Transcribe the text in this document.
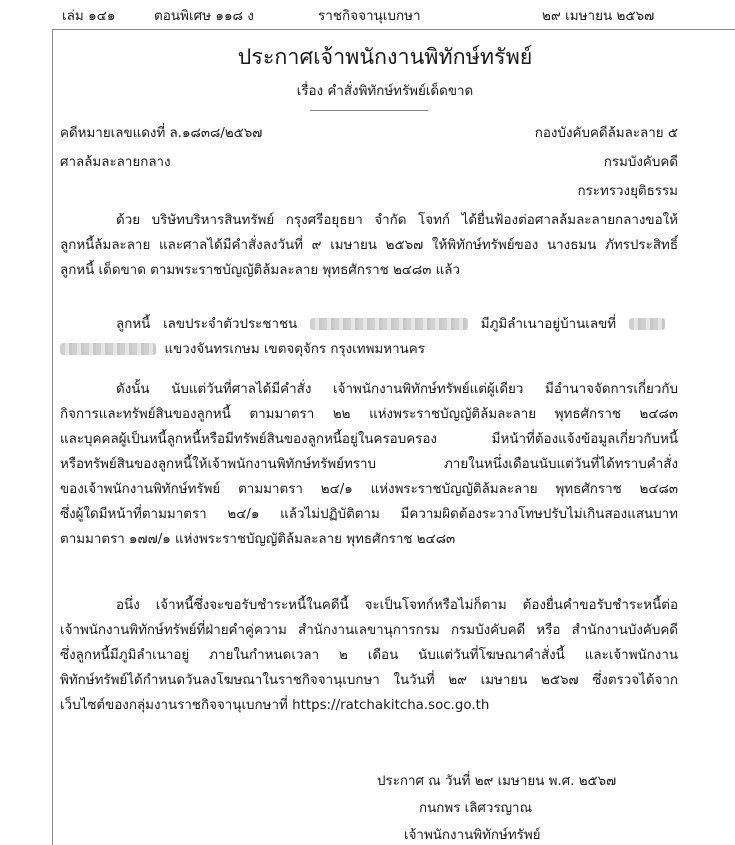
เล่ม ๑๔๑	ตอนพิเศษ ๑๑๘ ง	ราชกิจจานุเบกษา	๒๙ เมษายน ๒๕๖๗
ประกาศเจ้าพนักงานพิทักษ์ทรัพย์
เรื่อง คำสั่งพิทักษ์ทรัพย์เด็ดขาด
คดีหมายเลขแดงที่ ล.๑๘๓๘/๒๕๖๗
ศาลล้มละลายกลาง
กองบังคับคดีล้มละลาย ๕
กรมบังคับคดี
กระทรวงยุติธรรม
ด้วย บริษัทบริหารสินทรัพย์ กรุงศรีอยุธยา จำกัด โจทก์ ได้ยื่นฟ้องต่อศาลล้มละลายกลางขอให้
ลูกหนี้ล้มละลาย และศาลได้มีคำสั่งลงวันที่ ๙ เมษายน ๒๕๖๗ ให้พิทักษ์ทรัพย์ของ นางธมน ภัทรประสิทธิ์
ลูกหนี้ เด็ดขาด ตามพระราชบัญญัติล้มละลาย พุทธศักราช ๒๔๘๓ แล้ว
ลูกหนี้ เลขประจำตัวประชาชน	มีภูมิลำเนาอยู่บ้านเลขที่
แขวงจันทรเกษม เขตจตุจักร กรุงเทพมหานคร
ดังนั้น นับแต่วันที่ศาลได้มีคำสั่ง เจ้าพนักงานพิทักษ์ทรัพย์แต่ผู้เดียว มีอำนาจจัดการเกี่ยวกับ
กิจการและทรัพย์สินของลูกหนี้ ตามมาตรา ๒๒ แห่งพระราชบัญญัติล้มละลาย พุทธศักราช ๒๔๘๓
และบุคคลผู้เป็นหนี้ลูกหนี้หรือมีทรัพย์สินของลูกหนี้อยู่ในครอบครอง มีหน้าที่ต้องแจ้งข้อมูลเกี่ยวกับหนี้
หรือทรัพย์สินของลูกหนี้ให้เจ้าพนักงานพิทักษ์ทรัพย์ทราบ ภายในหนึ่งเดือนนับแต่วันที่ได้ทราบคำสั่ง
ของเจ้าพนักงานพิทักษ์ทรัพย์ ตามมาตรา ๒๔/๑ แห่งพระราชบัญญัติล้มละลาย พุทธศักราช ๒๔๘๓
ซึ่งผู้ใดมีหน้าที่ตามมาตรา ๒๔/๑ แล้วไม่ปฏิบัติตาม มีความผิดต้องระวางโทษปรับไม่เกินสองแสนบาท
ตามมาตรา ๑๗๗/๑ แห่งพระราชบัญญัติล้มละลาย พุทธศักราช ๒๔๘๓
อนึ่ง เจ้าหนี้ซึ่งจะขอรับชำระหนี้ในคดีนี้ จะเป็นโจทก์หรือไม่ก็ตาม ต้องยื่นคำขอรับชำระหนี้ต่อ
เจ้าพนักงานพิทักษ์ทรัพย์ที่ฝ่ายคำคู่ความ สำนักงานเลขานุการกรม กรมบังคับคดี หรือ สำนักงานบังคับคดี
ซึ่งลูกหนี้มีภูมิลำเนาอยู่ ภายในกำหนดเวลา ๒ เดือน นับแต่วันที่โฆษณาคำสั่งนี้ และเจ้าพนักงาน
พิทักษ์ทรัพย์ได้กำหนดวันลงโฆษณาในราชกิจจานุเบกษา ในวันที่ ๒๙ เมษายน ๒๕๖๗ ซึ่งตรวจได้จาก
เว็บไซต์ของกลุ่มงานราชกิจจานุเบกษาที่ https://ratchakitcha.soc.go.th
ประกาศ ณ วันที่ ๒๙ เมษายน พ.ศ. ๒๕๖๗
กนกพร เลิศวรญาณ
เจ้าพนักงานพิทักษ์ทรัพย์
